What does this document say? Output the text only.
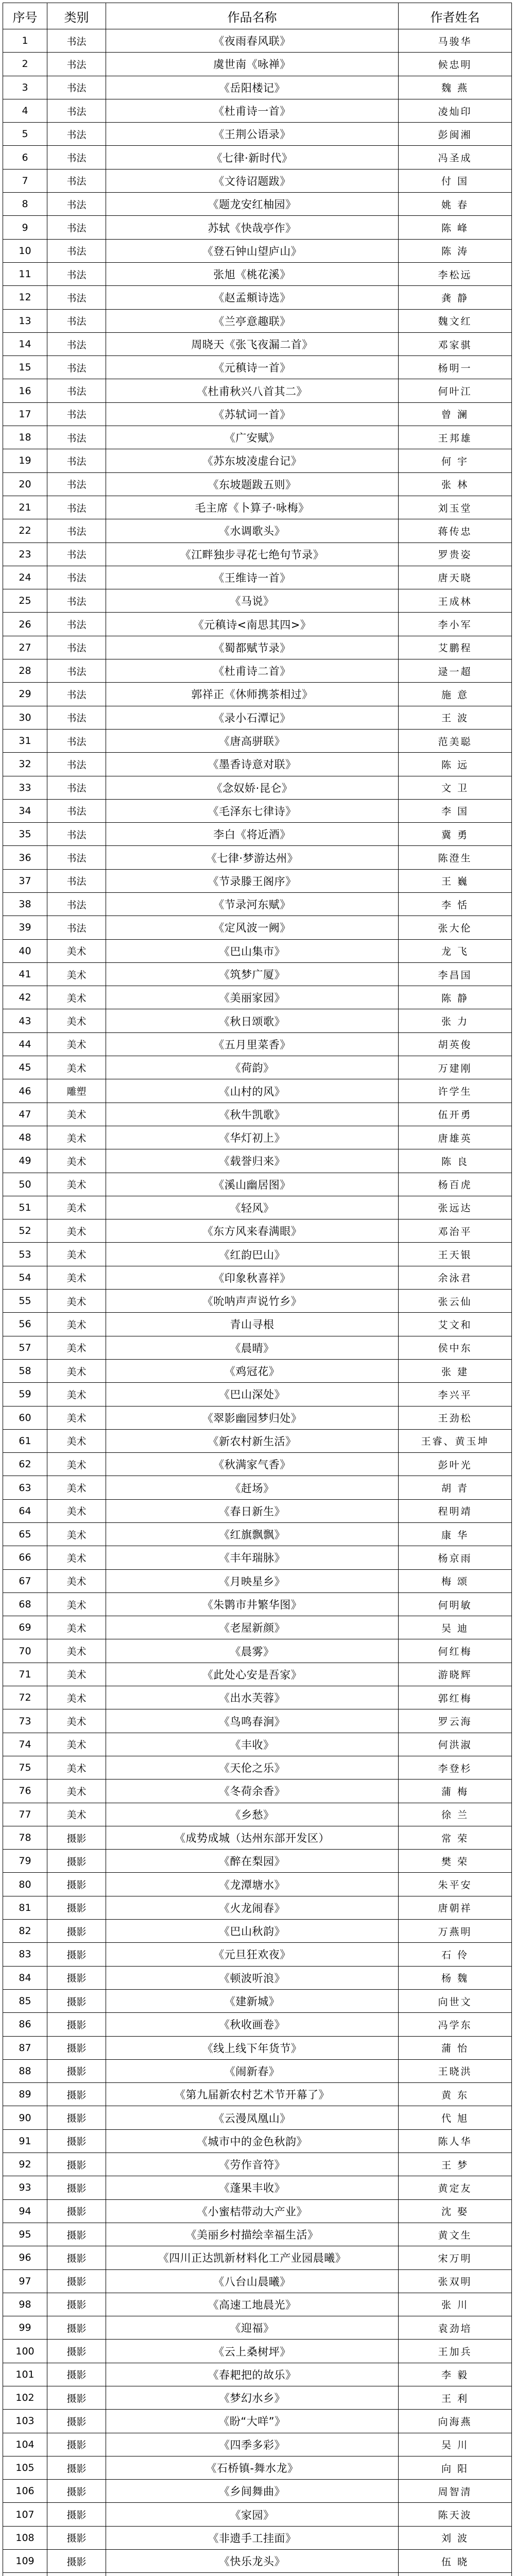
序号	类别	作品名称	作者姓名
1	书法	《夜雨春风联》	马骏华
2	书法	虞世南《咏禅》	候忠明
3	书法	《岳阳楼记》	魏 燕
4	书法	《杜甫诗一首》	凌灿印
5	书法	《王荆公语录》	彭闽湘
6	书法	《七律·新时代》	冯圣成
7	书法	《文待诏题跋》	付 国
8	书法	《题龙安红柚园》	姚 春
9	书法	苏轼《快哉亭作》	陈 峰
10	书法	《登石钟山望庐山》	陈 涛
11	书法	张旭《桃花溪》	李松远
12	书法	《赵孟頫诗选》	龚 静
13	书法	《兰亭意趣联》	魏文红
14	书法	周晓天《张飞夜漏二首》	邓家骐
15	书法	《元稹诗一首》	杨明一
16	书法	《杜甫秋兴八首其二》	何叶江
17	书法	《苏轼词一首》	曾 澜
18	书法	《广安赋》	王邦雄
19	书法	《苏东坡凌虚台记》	何 宇
20	书法	《东坡题跋五则》	张 林
21	书法	毛主席《卜算子·咏梅》	刘玉堂
22	书法	《水调歌头》	蒋传忠
23	书法	《江畔独步寻花七绝句节录》	罗贵姿
24	书法	《王维诗一首》	唐天晓
25	书法	《马说》	王成林
26	书法	《元稹诗<南思其四>》	李小军
27	书法	《蜀都赋节录》	艾鹏程
28	书法	《杜甫诗二首》	逯一超
29	书法	郭祥正《休师携茶相过》	施 意
30	书法	《录小石潭记》	王 波
31	书法	《唐高骈联》	范美聪
32	书法	《墨香诗意对联》	陈 远
33	书法	《念奴娇·昆仑》	文 卫
34	书法	《毛泽东七律诗》	李 国
35	书法	李白《将近酒》	冀 勇
36	书法	《七律·梦游达州》	陈澄生
37	书法	《节录滕王阁序》	王 巍
38	书法	《节录河东赋》	李 恬
39	书法	《定风波一阙》	张大伦
40	美术	《巴山集市》	龙 飞
41	美术	《筑梦广厦》	李昌国
42	美术	《美丽家园》	陈 静
43	美术	《秋日颂歌》	张 力
44	美术	《五月里菜香》	胡英俊
45	美术	《荷韵》	万建刚
46	雕塑	《山村的风》	许学生
47	美术	《秋牛凯歌》	伍开勇
48	美术	《华灯初上》	唐雄英
49	美术	《载誉归来》	陈 良
50	美术	《溪山幽居图》	杨百虎
51	美术	《轻风》	张远达
52	美术	《东方风来春满眼》	邓治平
53	美术	《红韵巴山》	王天银
54	美术	《印象秋喜祥》	余泳君
55	美术	《吮呐声声说竹乡》	张云仙
56	美术	青山寻根	艾文和
57	美术	《晨晴》	侯中东
58	美术	《鸡冠花》	张 建
59	美术	《巴山深处》	李兴平
60	美术	《翠影幽园梦归处》	王劲松
61	美术	《新农村新生活》	王睿、黄玉坤
62	美术	《秋满家气香》	彭叶光
63	美术	《赶场》	胡 青
64	美术	《春日新生》	程明靖
65	美术	《红旗飘飘》	康 华
66	美术	《丰年瑞脉》	杨京雨
67	美术	《月映星乡》	梅 颂
68	美术	《朱鹮市井繁华图》	何明敏
69	美术	《老屋新颜》	吴 迪
70	美术	《晨雾》	何红梅
71	美术	《此处心安是吾家》	游晓辉
72	美术	《出水芙蓉》	郭红梅
73	美术	《鸟鸣春涧》	罗云海
74	美术	《丰收》	何洪淑
75	美术	《天伦之乐》	李登杉
76	美术	《冬荷余香》	蒲 梅
77	美术	《乡愁》	徐 兰
78	摄影	《成势成城（达州东部开发区）	常 荣
79	摄影	《醉在梨园》	樊 荣
80	摄影	《龙潭塘水》	朱平安
81	摄影	《火龙闹春》	唐朝祥
82	摄影	《巴山秋韵》	万燕明
83	摄影	《元旦狂欢夜》	石 伶
84	摄影	《顿波听浪》	杨 魏
85	摄影	《建新城》	向世文
86	摄影	《秋收画卷》	冯学东
87	摄影	《线上线下年货节》	蒲 怡
88	摄影	《闹新春》	王晓洪
89	摄影	《第九届新农村艺术节开幕了》	黄 东
90	摄影	《云漫凤凰山》	代 旭
91	摄影	《城市中的金色秋韵》	陈人华
92	摄影	《劳作音符》	王 梦
93	摄影	《蓬果丰收》	黄定友
94	摄影	《小蜜桔带动大产业》	沈 娶
95	摄影	《美丽乡村描绘幸福生活》	黄文生
96	摄影	《四川正达凯新材料化工产业园晨曦》	宋万明
97	摄影	《八台山晨曦》	张双明
98	摄影	《高速工地晨光》	张 川
99	摄影	《迎福》	袁劲培
100	摄影	《云上桑树坪》	王加兵
101	摄影	《春耙把的故乐》	李 毅
102	摄影	《梦幻水乡》	王 利
103	摄影	《盼“大咩”》	向海燕
104	摄影	《四季多彩》	吴 川
105	摄影	《石桥镇-舞水龙》	向 阳
106	摄影	《乡间舞曲》	周智清
107	摄影	《家园》	陈天波
108	摄影	《非遗手工挂面》	刘 波
109	摄影	《快乐龙头》	伍 晓
